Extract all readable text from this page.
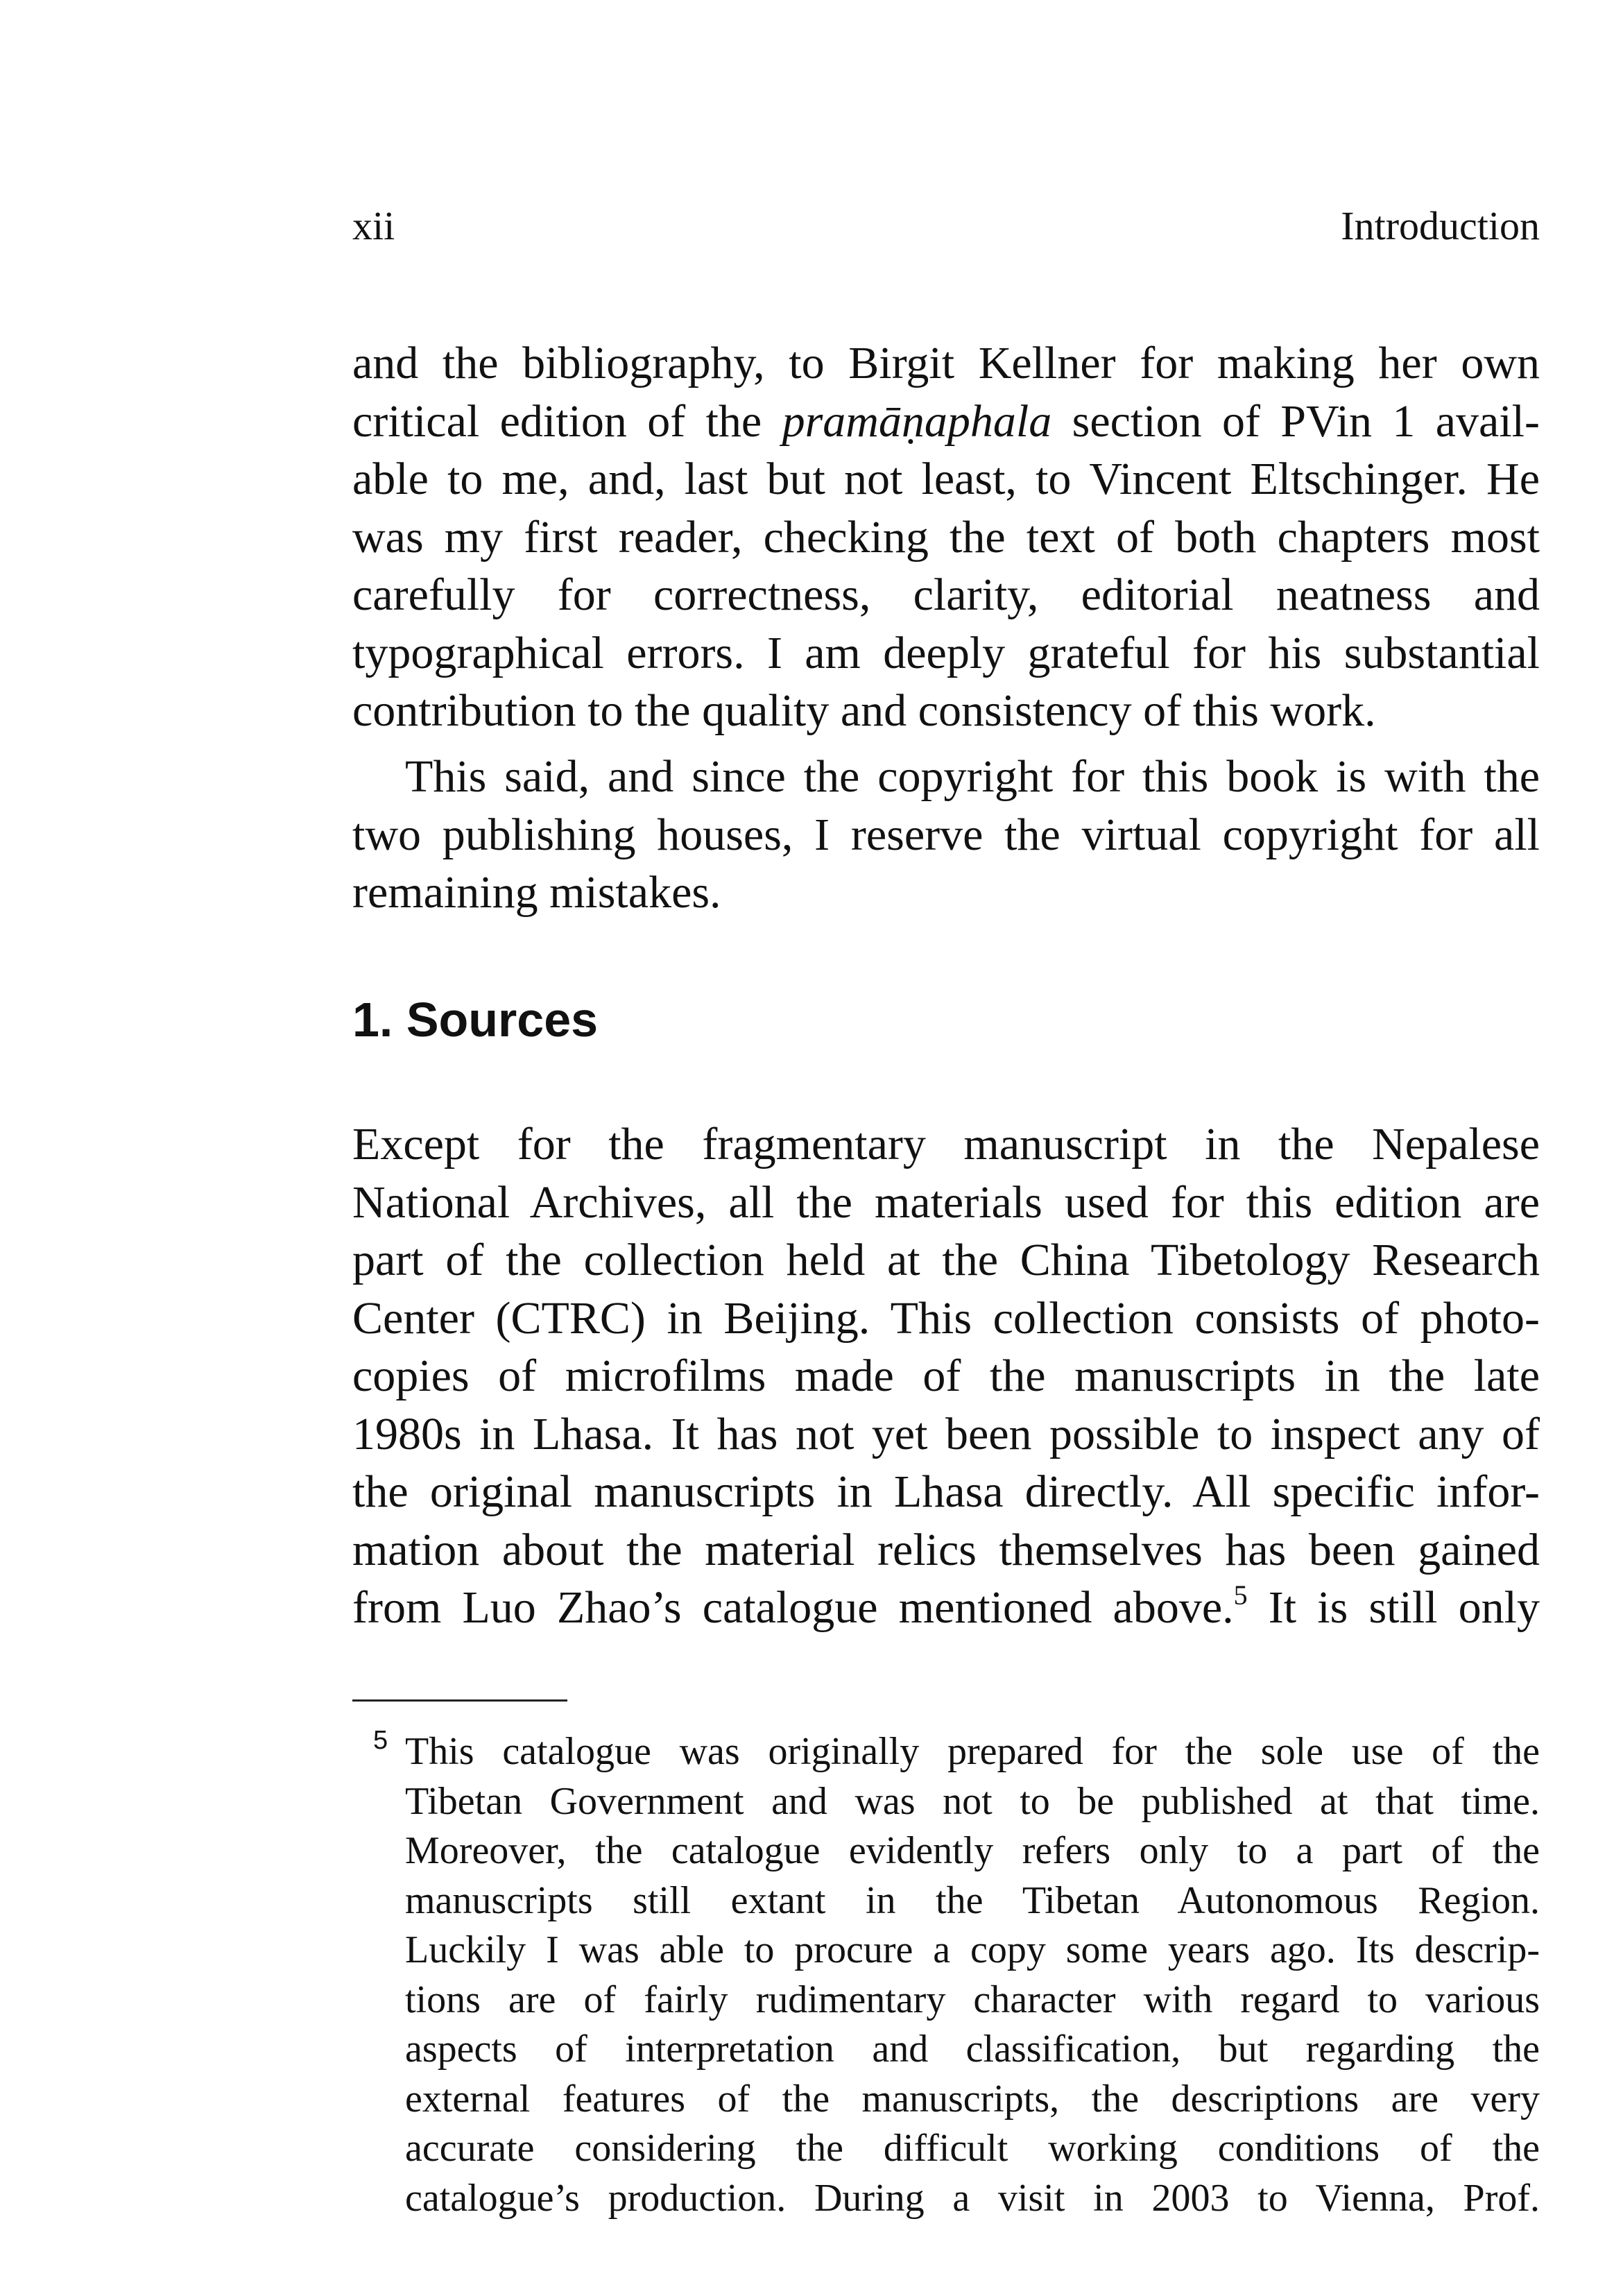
xii	Introduction

and the bibliography, to Birgit Kellner for making her own
critical edition of the pramāṇaphala section of PVin 1 avail-
able to me, and, last but not least, to Vincent Eltschinger. He
was my first reader, checking the text of both chapters most
carefully for correctness, clarity, editorial neatness and
typographical errors. I am deeply grateful for his substantial
contribution to the quality and consistency of this work.

This said, and since the copyright for this book is with the
two publishing houses, I reserve the virtual copyright for all
remaining mistakes.

1. Sources

Except for the fragmentary manuscript in the Nepalese
National Archives, all the materials used for this edition are
part of the collection held at the China Tibetology Research
Center (CTRC) in Beijing. This collection consists of photo-
copies of microfilms made of the manuscripts in the late
1980s in Lhasa. It has not yet been possible to inspect any of
the original manuscripts in Lhasa directly. All specific infor-
mation about the material relics themselves has been gained
from Luo Zhao’s catalogue mentioned above.$^5$ It is still only

5 This catalogue was originally prepared for the sole use of the
Tibetan Government and was not to be published at that time.
Moreover, the catalogue evidently refers only to a part of the
manuscripts still extant in the Tibetan Autonomous Region.
Luckily I was able to procure a copy some years ago. Its descrip-
tions are of fairly rudimentary character with regard to various
aspects of interpretation and classification, but regarding the
external features of the manuscripts, the descriptions are very
accurate considering the difficult working conditions of the
catalogue’s production. During a visit in 2003 to Vienna, Prof.
